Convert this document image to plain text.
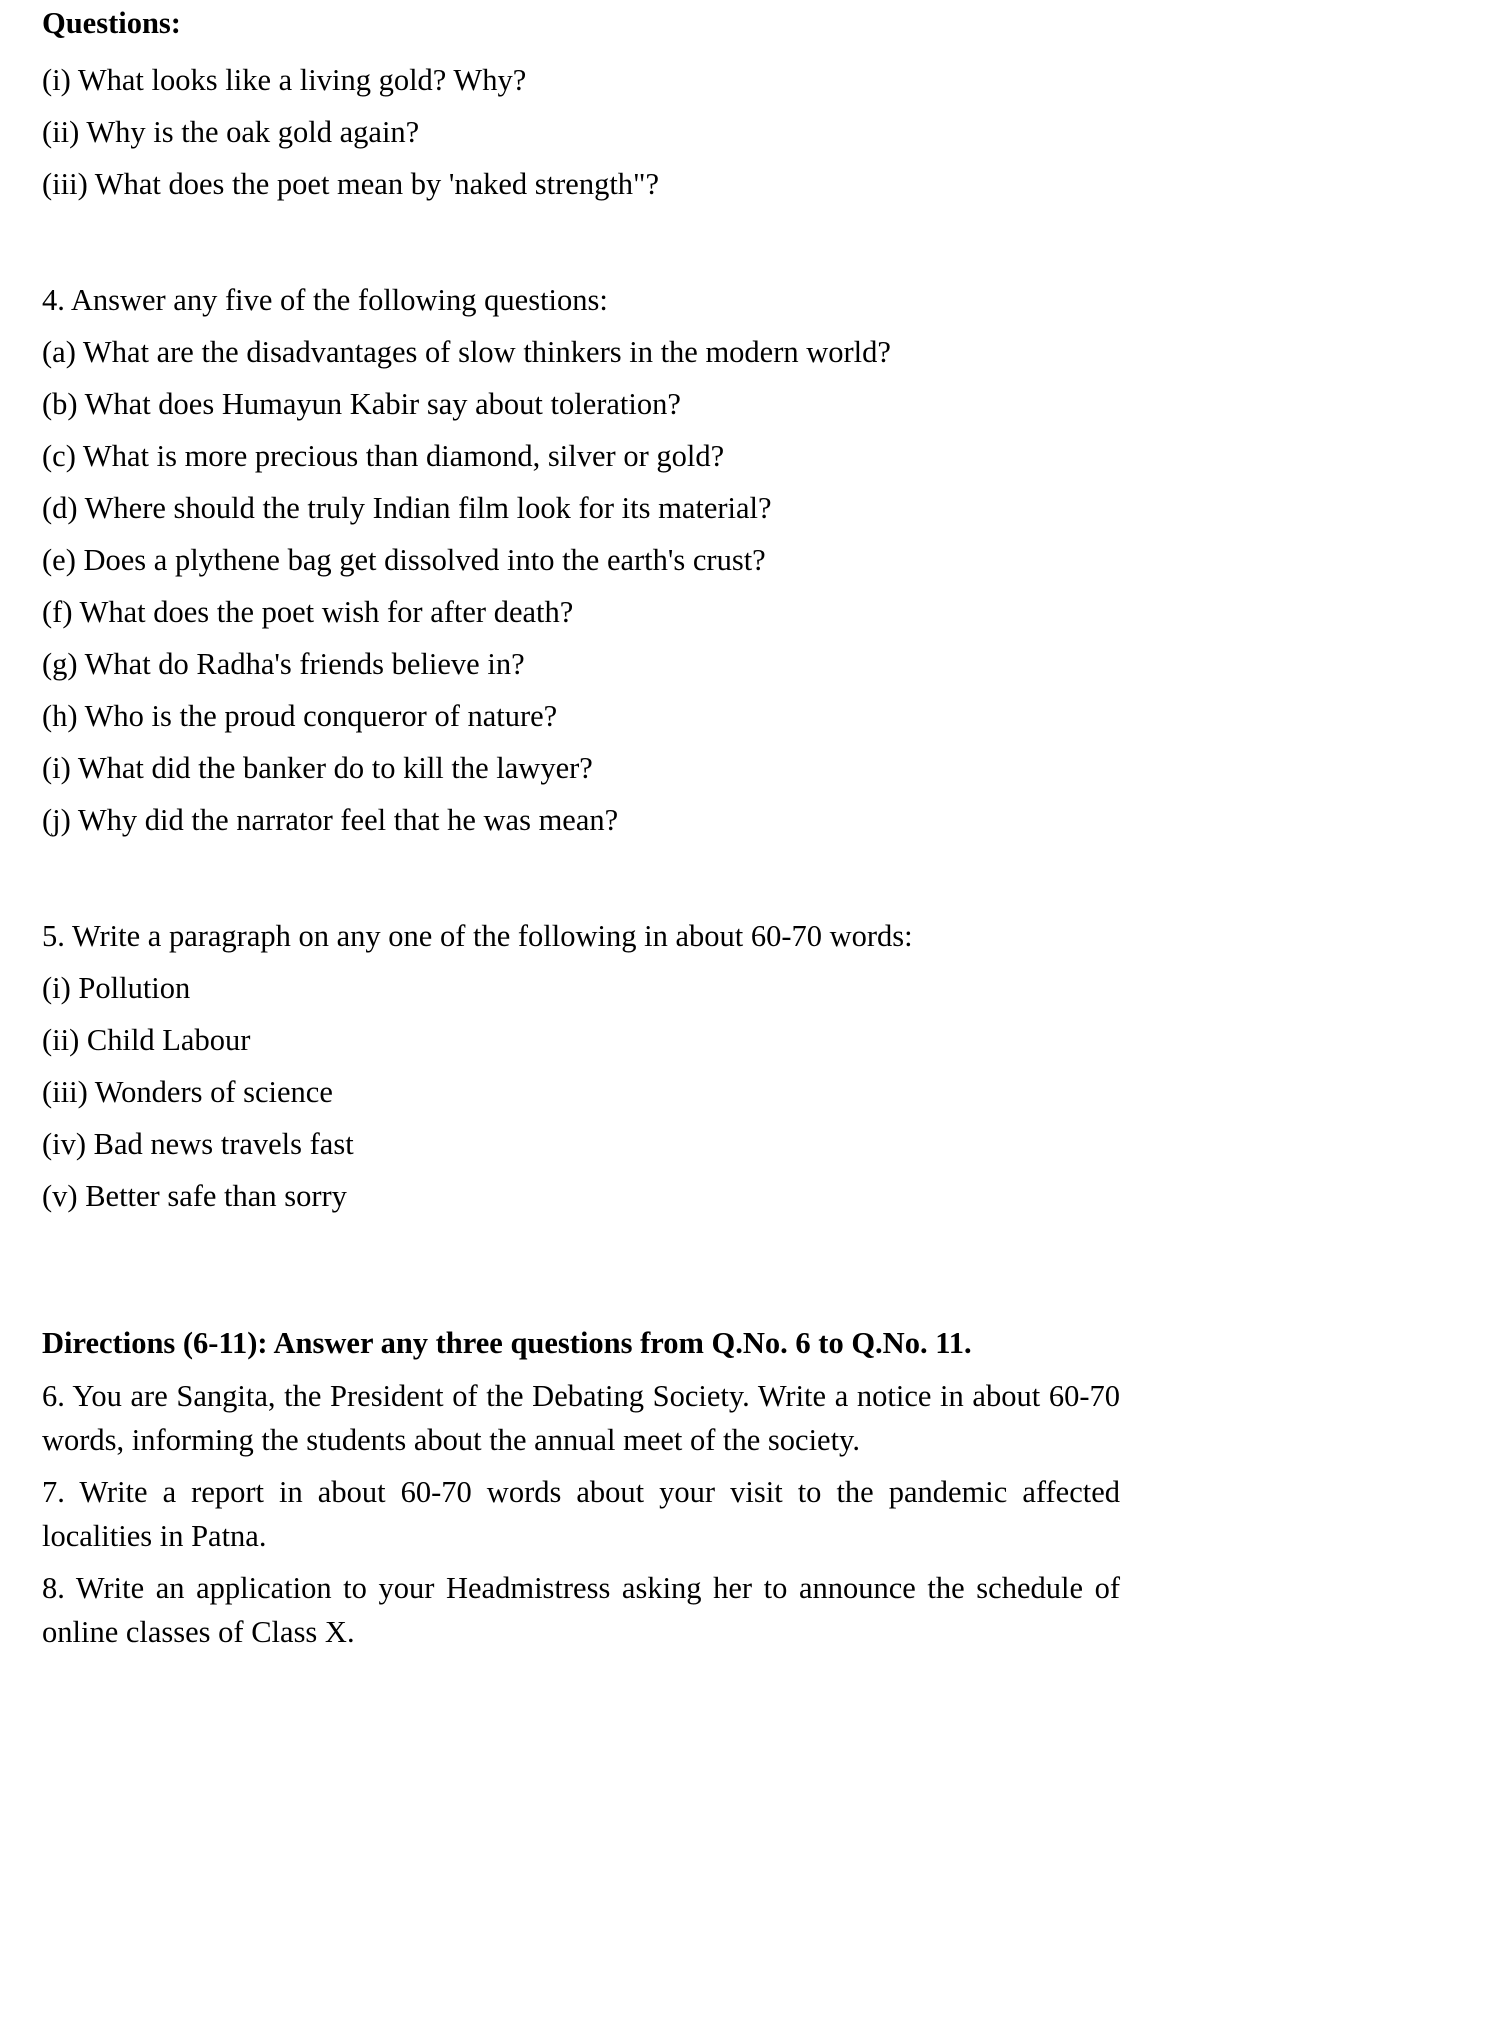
Questions:
(i) What looks like a living gold? Why?
(ii) Why is the oak gold again?
(iii) What does the poet mean by 'naked strength"?
4. Answer any five of the following questions:
(a) What are the disadvantages of slow thinkers in the modern world?
(b) What does Humayun Kabir say about toleration?
(c) What is more precious than diamond, silver or gold?
(d) Where should the truly Indian film look for its material?
(e) Does a plythene bag get dissolved into the earth's crust?
(f) What does the poet wish for after death?
(g) What do Radha's friends believe in?
(h) Who is the proud conqueror of nature?
(i) What did the banker do to kill the lawyer?
(j) Why did the narrator feel that he was mean?
5. Write a paragraph on any one of the following in about 60-70 words:
(i) Pollution
(ii) Child Labour
(iii) Wonders of science
(iv) Bad news travels fast
(v) Better safe than sorry
Directions (6-11): Answer any three questions from Q.No. 6 to Q.No. 11.
6. You are Sangita, the President of the Debating Society. Write a notice in about 60-70 words, informing the students about the annual meet of the society.
7. Write a report in about 60-70 words about your visit to the pandemic affected localities in Patna.
8. Write an application to your Headmistress asking her to announce the schedule of online classes of Class X.
